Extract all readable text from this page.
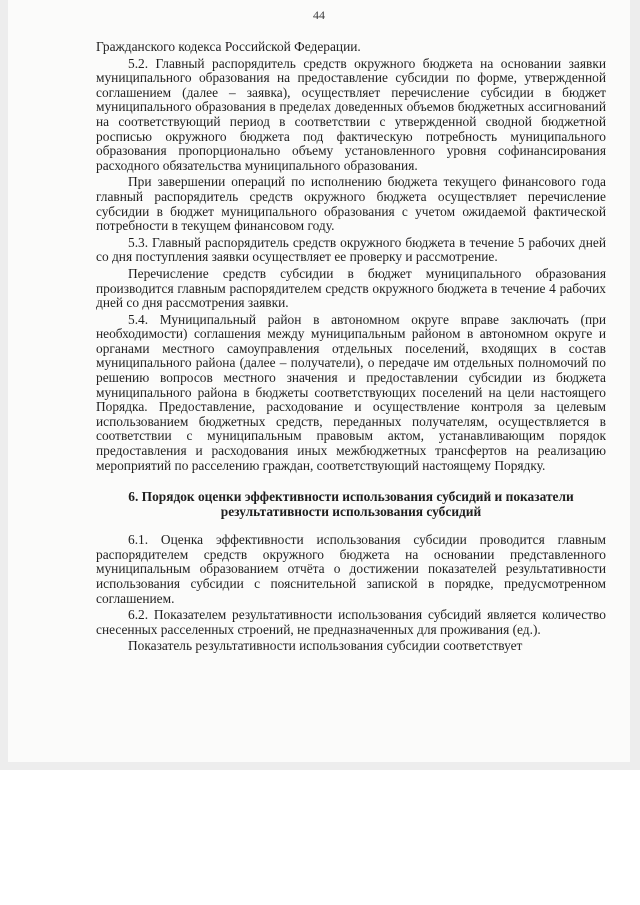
44

Гражданского кодекса Российской Федерации.

5.2. Главный распорядитель средств окружного бюджета на основании заявки муниципального образования на предоставление субсидии по форме, утвержденной соглашением (далее – заявка), осуществляет перечисление субсидии в бюджет муниципального образования в пределах доведенных объемов бюджетных ассигнований на соответствующий период в соответствии с утвержденной сводной бюджетной росписью окружного бюджета под фактическую потребность муниципального образования пропорционально объему установленного уровня софинансирования расходного обязательства муниципального образования.

При завершении операций по исполнению бюджета текущего финансового года главный распорядитель средств окружного бюджета осуществляет перечисление субсидии в бюджет муниципального образования с учетом ожидаемой фактической потребности в текущем финансовом году.

5.3. Главный распорядитель средств окружного бюджета в течение 5 рабочих дней со дня поступления заявки осуществляет ее проверку и рассмотрение.

Перечисление средств субсидии в бюджет муниципального образования производится главным распорядителем средств окружного бюджета в течение 4 рабочих дней со дня рассмотрения заявки.

5.4. Муниципальный район в автономном округе вправе заключать (при необходимости) соглашения между муниципальным районом в автономном округе и органами местного самоуправления отдельных поселений, входящих в состав муниципального района (далее – получатели), о передаче им отдельных полномочий по решению вопросов местного значения и предоставлении субсидии из бюджета муниципального района в бюджеты соответствующих поселений на цели настоящего Порядка. Предоставление, расходование и осуществление контроля за целевым использованием бюджетных средств, переданных получателям, осуществляется в соответствии с муниципальным правовым актом, устанавливающим порядок предоставления и расходования иных межбюджетных трансфертов на реализацию мероприятий по расселению граждан, соответствующий настоящему Порядку.

6. Порядок оценки эффективности использования субсидий и показатели
результативности использования субсидий

6.1. Оценка эффективности использования субсидии проводится главным распорядителем средств окружного бюджета на основании представленного муниципальным образованием отчёта о достижении показателей результативности использования субсидии с пояснительной запиской в порядке, предусмотренном соглашением.

6.2. Показателем результативности использования субсидий является количество снесенных расселенных строений, не предназначенных для проживания (ед.).

Показатель результативности использования субсидии соответствует
